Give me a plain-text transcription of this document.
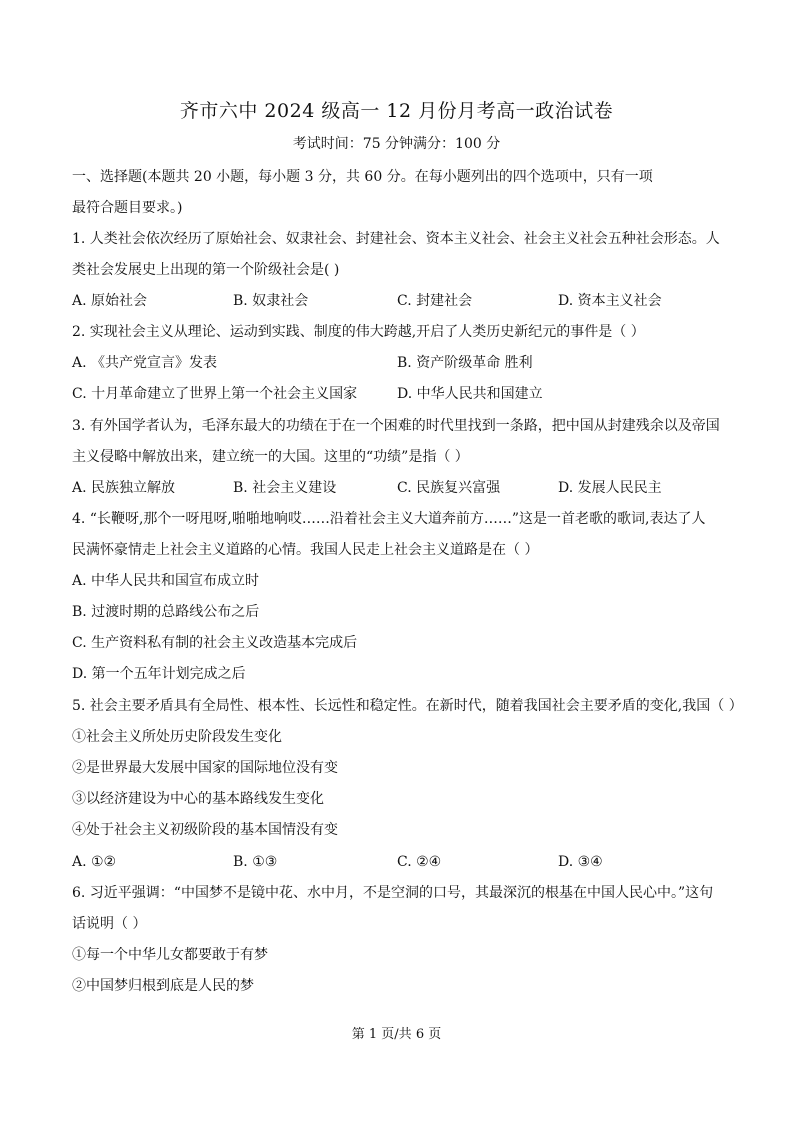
齐市六中 2024 级高一 12 月份月考高一政治试卷
考试时间：75 分钟满分：100 分
一、选择题(本题共 20 小题，每小题 3 分，共 60 分。在每小题列出的四个选项中，只有一项
最符合题目要求。)
1. 人类社会依次经历了原始社会、奴隶社会、封建社会、资本主义社会、社会主义社会五种社会形态。人
类社会发展史上出现的第一个阶级社会是( )
A. 原始社会	B. 奴隶社会	C. 封建社会	D. 资本主义社会
2. 实现社会主义从理论、运动到实践、制度的伟大跨越,开启了人类历史新纪元的事件是（ ）
A. 《共产党宣言》发表	B. 资产阶级革命 胜利
C. 十月革命建立了世界上第一个社会主义国家	D. 中华人民共和国建立
3. 有外国学者认为，毛泽东最大的功绩在于在一个困难的时代里找到一条路，把中国从封建残余以及帝国
主义侵略中解放出来，建立统一的大国。这里的“功绩”是指（ ）
A. 民族独立解放	B. 社会主义建设	C. 民族复兴富强	D. 发展人民民主
4. “长鞭呀,那个一呀甩呀,啪啪地响哎……沿着社会主义大道奔前方……”这是一首老歌的歌词,表达了人
民满怀豪情走上社会主义道路的心情。我国人民走上社会主义道路是在（ ）
A. 中华人民共和国宣布成立时
B. 过渡时期的总路线公布之后
C. 生产资料私有制的社会主义改造基本完成后
D. 第一个五年计划完成之后
5. 社会主要矛盾具有全局性、根本性、长远性和稳定性。在新时代，随着我国社会主要矛盾的变化,我国（ ）
①社会主义所处历史阶段发生变化
②是世界最大发展中国家的国际地位没有变
③以经济建设为中心的基本路线发生变化
④处于社会主义初级阶段的基本国情没有变
A. ①②	B. ①③	C. ②④	D. ③④
6. 习近平强调：“中国梦不是镜中花、水中月，不是空洞的口号，其最深沉的根基在中国人民心中。”这句
话说明（ ）
①每一个中华儿女都要敢于有梦
②中国梦归根到底是人民的梦
第 1 页/共 6 页
